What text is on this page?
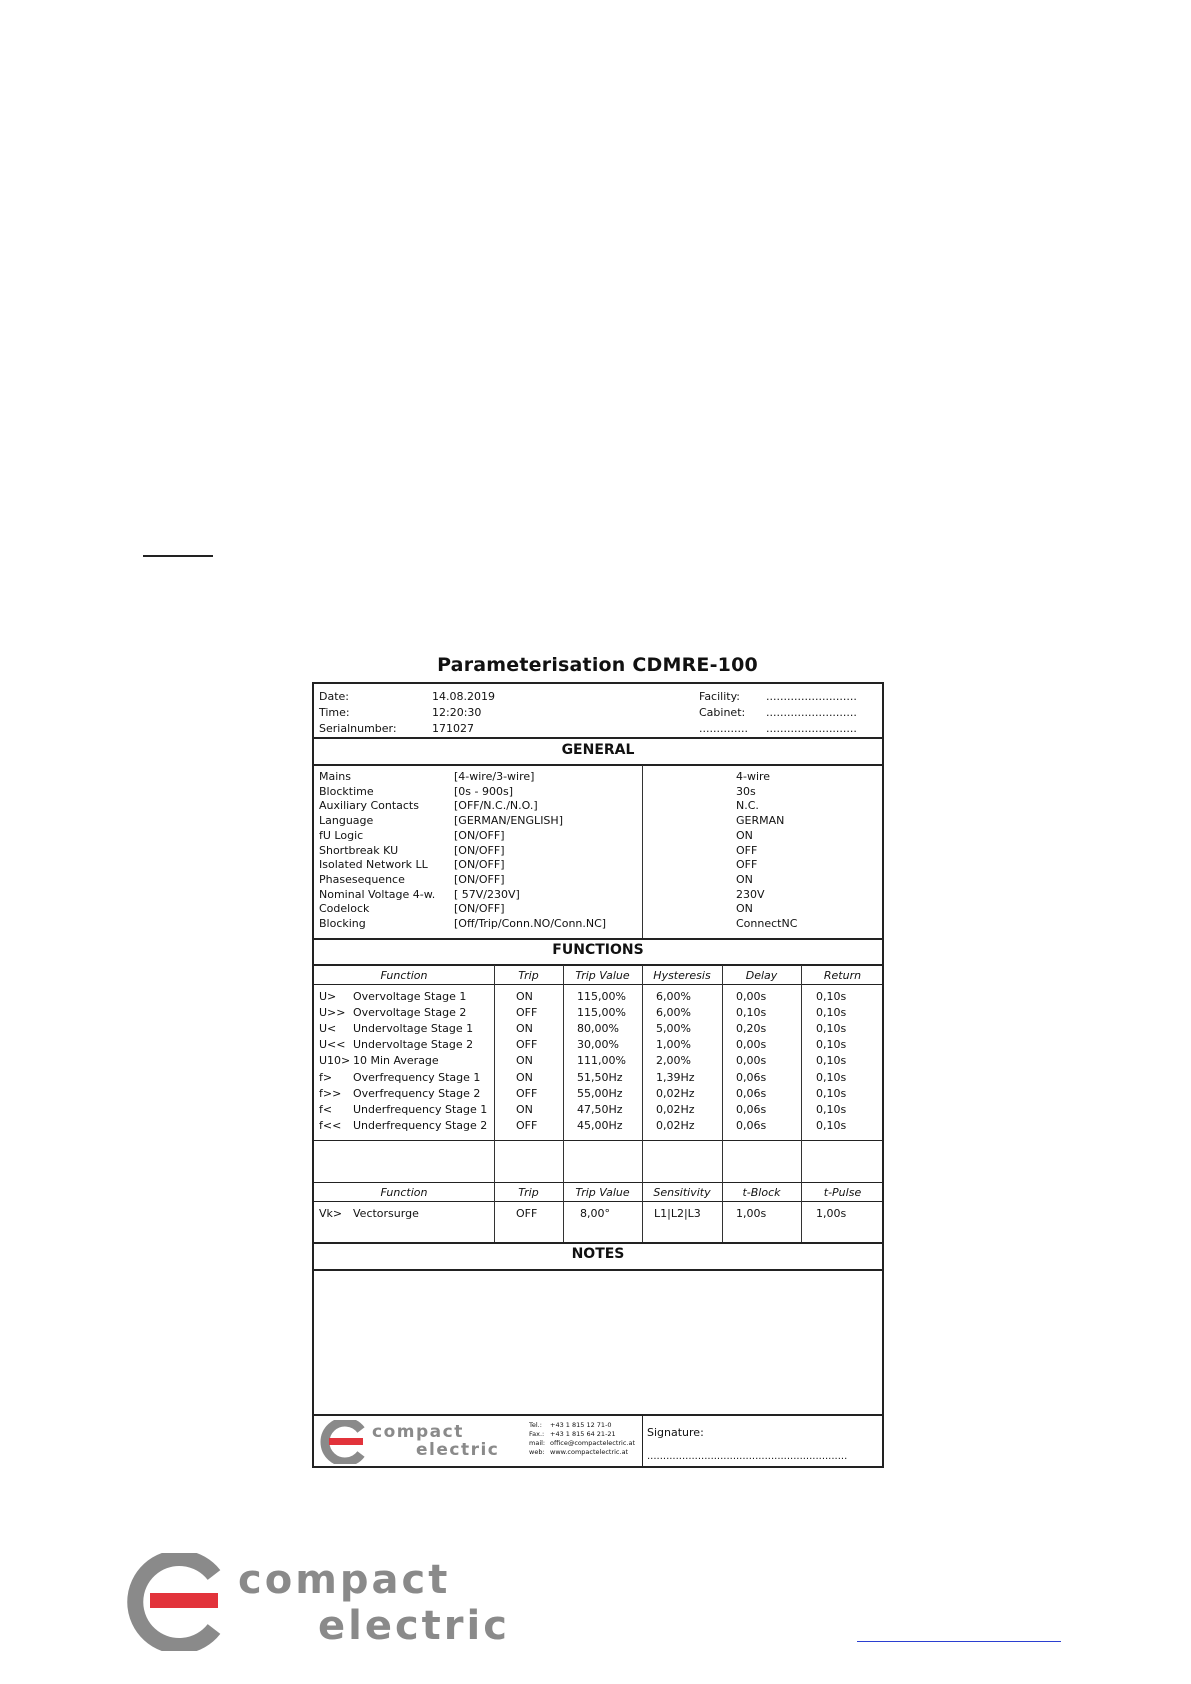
Parameterisation CDMRE-100
Date:	14.08.2019
Time:	12:20:30
Serialnumber:	171027
Facility: ..........................
Cabinet: ..........................
.............. ..........................
GENERAL
Mains	[4-wire/3-wire]	4-wire
Blocktime	[0s - 900s]	30s
Auxiliary Contacts	[OFF/N.C./N.O.]	N.C.
Language	[GERMAN/ENGLISH]	GERMAN
fU Logic	[ON/OFF]	ON
Shortbreak KU	[ON/OFF]	OFF
Isolated Network LL [ON/OFF]	OFF
Phasesequence	[ON/OFF]	ON
Nominal Voltage 4-w. [ 57V/230V]	230V
Codelock	[ON/OFF]	ON
Blocking	[Off/Trip/Conn.NO/Conn.NC]	ConnectNC
FUNCTIONS
Function	Trip	Trip Value	Hysteresis	Delay	Return
U> Overvoltage Stage 1	ON	115,00%	6,00%	0,00s	0,10s
U>> Overvoltage Stage 2	OFF	115,00%	6,00%	0,10s	0,10s
U< Undervoltage Stage 1	ON	80,00%	5,00%	0,20s	0,10s
U<< Undervoltage Stage 2	OFF	30,00%	1,00%	0,00s	0,10s
U10> 10 Min Average	ON	111,00%	2,00%	0,00s	0,10s
f> Overfrequency Stage 1	ON	51,50Hz	1,39Hz	0,06s	0,10s
f>> Overfrequency Stage 2	OFF	55,00Hz	0,02Hz	0,06s	0,10s
f< Underfrequency Stage 1	ON	47,50Hz	0,02Hz	0,06s	0,10s
f<< Underfrequency Stage 2	OFF	45,00Hz	0,02Hz	0,06s	0,10s
Function	Trip	Trip Value	Sensitivity	t-Block	t-Pulse
Vk> Vectorsurge	OFF	8,00°	L1|L2|L3	1,00s	1,00s
NOTES
compact
electric
Tel.: +43 1 815 12 71-0
Fax.: +43 1 815 64 21-21
mail: office@compactelectric.at
web: www.compactelectric.at
Signature:
...............................................................
compact
electric
